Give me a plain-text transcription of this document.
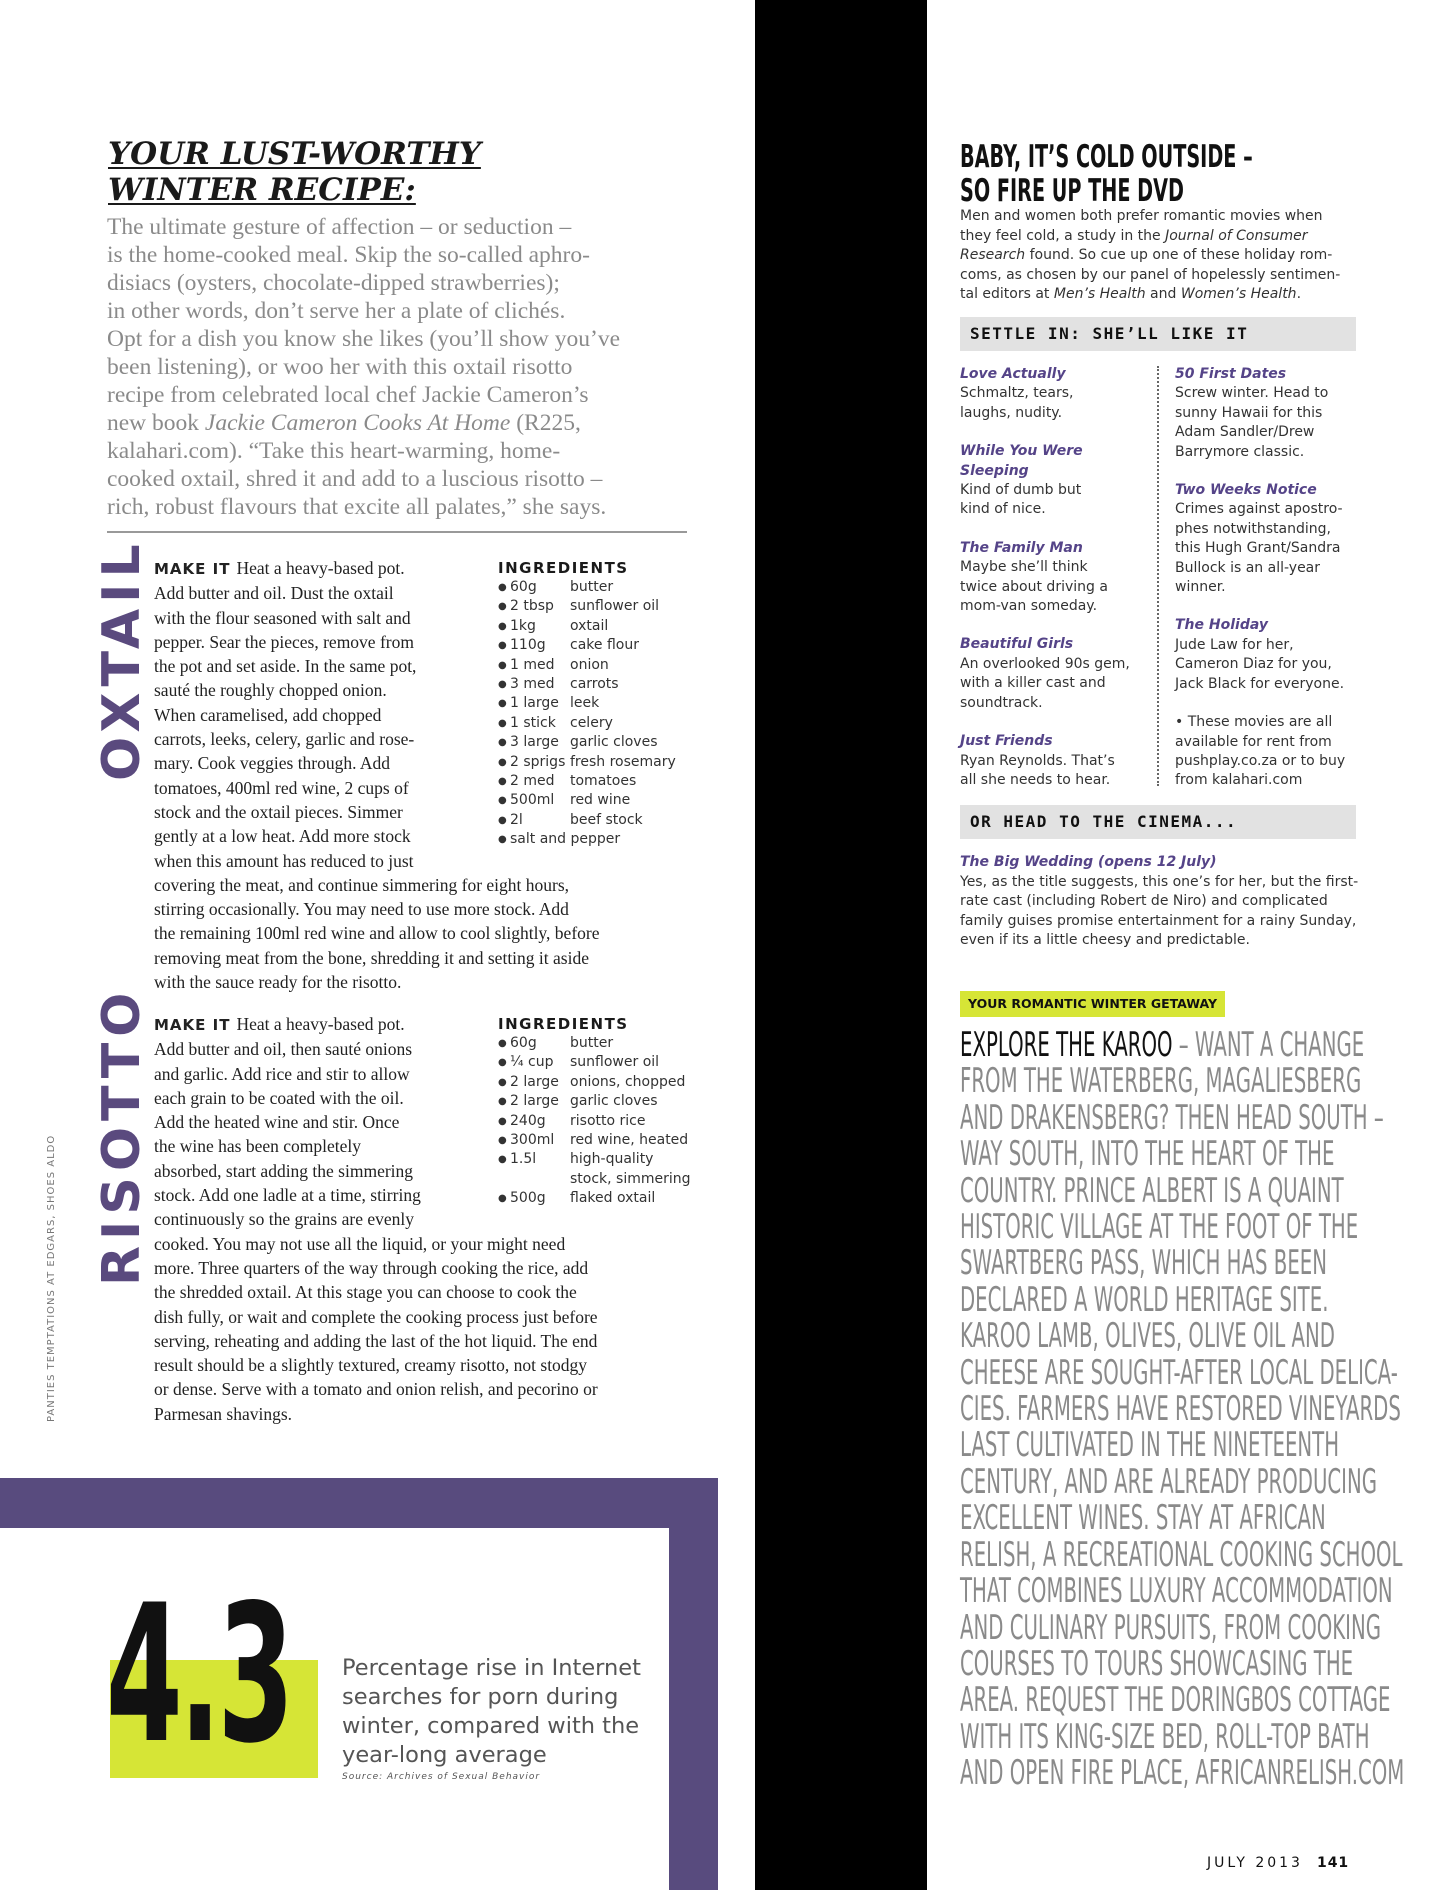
YOUR LUST-WORTHY
WINTER RECIPE:

The ultimate gesture of affection – or seduction –

is the home-cooked meal. Skip the so-called aphro-

disiacs (oysters, chocolate-dipped strawberries);

in other words, don’t serve her a plate of clichés.

Opt for a dish you know she likes (you’ll show you’ve

been listening), or woo her with this oxtail risotto

recipe from celebrated local chef Jackie Cameron’s

new book Jackie Cameron Cooks At Home (R225,

kalahari.com). “Take this heart-warming, home-

cooked oxtail, shred it and add to a luscious risotto –

rich, robust flavours that excite all palates,” she says.

OXTAIL MAKE IT Heat a heavy-based pot.

Add butter and oil. Dust the oxtail

with the flour seasoned with salt and

pepper. Sear the pieces, remove from

the pot and set aside. In the same pot,

sauté the roughly chopped onion.

When caramelised, add chopped

carrots, leeks, celery, garlic and rose-

mary. Cook veggies through. Add

tomatoes, 400ml red wine, 2 cups of

stock and the oxtail pieces. Simmer

gently at a low heat. Add more stock

when this amount has reduced to just

covering the meat, and continue simmering for eight hours,

stirring occasionally. You may need to use more stock. Add

the remaining 100ml red wine and allow to cool slightly, before

removing meat from the bone, shredding it and setting it aside

with the sauce ready for the risotto.

INGREDIENTS
● 60g	butter
● 2 tbsp	sunflower oil
● 1kg	oxtail
● 110g	cake flour
● 1 med	onion
● 3 med	carrots
● 1 large leek
● 1 stick	celery
● 3 large garlic cloves
● 2 sprigs fresh rosemary
● 2 med	tomatoes
● 500ml	red wine
● 2l	beef stock
● salt and pepper
RISOTTO MAKE IT Heat a heavy-based pot.

Add butter and oil, then sauté onions

and garlic. Add rice and stir to allow

each grain to be coated with the oil.

Add the heated wine and stir. Once

the wine has been completely

absorbed, start adding the simmering

stock. Add one ladle at a time, stirring

continuously so the grains are evenly

cooked. You may not use all the liquid, or your might need

more. Three quarters of the way through cooking the rice, add

the shredded oxtail. At this stage you can choose to cook the

dish fully, or wait and complete the cooking process just before

serving, reheating and adding the last of the hot liquid. The end

result should be a slightly textured, creamy risotto, not stodgy

or dense. Serve with a tomato and onion relish, and pecorino or

Parmesan shavings.

INGREDIENTS
● 60g	butter
● ¼ cup	sunflower oil
● 2 large onions, chopped
● 2 large garlic cloves
● 240g	risotto rice
● 300ml	red wine, heated
● 1.5l	high-quality
stock, simmering
● 500g	flaked oxtail
PANTIES TEMPTATIONS AT EDGARS, SHOES ALDO
4.3 Percentage rise in Internet

searches for porn during

winter, compared with the

year-long average

Source: Archives of Sexual Behavior

BABY, IT’S COLD OUTSIDE –

SO FIRE UP THE DVD

Men and women both prefer romantic movies when

they feel cold, a study in the Journal of Consumer

Research found. So cue up one of these holiday rom-

coms, as chosen by our panel of hopelessly sentimen-

tal editors at Men’s Health and Women’s Health.

SETTLE IN: SHE’LL LIKE IT
Love Actually

Schmaltz, tears,

laughs, nudity.

While You Were
Sleeping

Kind of dumb but

kind of nice.

The Family Man

Maybe she’ll think

twice about driving a

mom-van someday.

Beautiful Girls

An overlooked 90s gem,

with a killer cast and

soundtrack.

Just Friends

Ryan Reynolds. That’s

all she needs to hear.

50 First Dates

Screw winter. Head to

sunny Hawaii for this

Adam Sandler/Drew

Barrymore classic.

Two Weeks Notice

Crimes against apostro-

phes notwithstanding,

this Hugh Grant/Sandra

Bullock is an all-year

winner.

The Holiday

Jude Law for her,

Cameron Diaz for you,

Jack Black for everyone.

• These movies are all

available for rent from

pushplay.co.za or to buy

from kalahari.com

OR HEAD TO THE CINEMA...
The Big Wedding (opens 12 July)

Yes, as the title suggests, this one’s for her, but the first-

rate cast (including Robert de Niro) and complicated

family guises promise entertainment for a rainy Sunday,

even if its a little cheesy and predictable.

YOUR ROMANTIC WINTER GETAWAY

EXPLORE THE KAROO – WANT A CHANGE

FROM THE WATERBERG, MAGALIESBERG

AND DRAKENSBERG? THEN HEAD SOUTH –

WAY SOUTH, INTO THE HEART OF THE

COUNTRY. PRINCE ALBERT IS A QUAINT

HISTORIC VILLAGE AT THE FOOT OF THE

SWARTBERG PASS, WHICH HAS BEEN

DECLARED A WORLD HERITAGE SITE.

KAROO LAMB, OLIVES, OLIVE OIL AND

CHEESE ARE SOUGHT-AFTER LOCAL DELICA-

CIES. FARMERS HAVE RESTORED VINEYARDS

LAST CULTIVATED IN THE NINETEENTH

CENTURY, AND ARE ALREADY PRODUCING

EXCELLENT WINES. STAY AT AFRICAN

RELISH, A RECREATIONAL COOKING SCHOOL

THAT COMBINES LUXURY ACCOMMODATION

AND CULINARY PURSUITS, FROM COOKING

COURSES TO TOURS SHOWCASING THE

AREA. REQUEST THE DORINGBOS COTTAGE

WITH ITS KING-SIZE BED, ROLL-TOP BATH

AND OPEN FIRE PLACE, AFRICANRELISH.COM

JULY 2013 141
